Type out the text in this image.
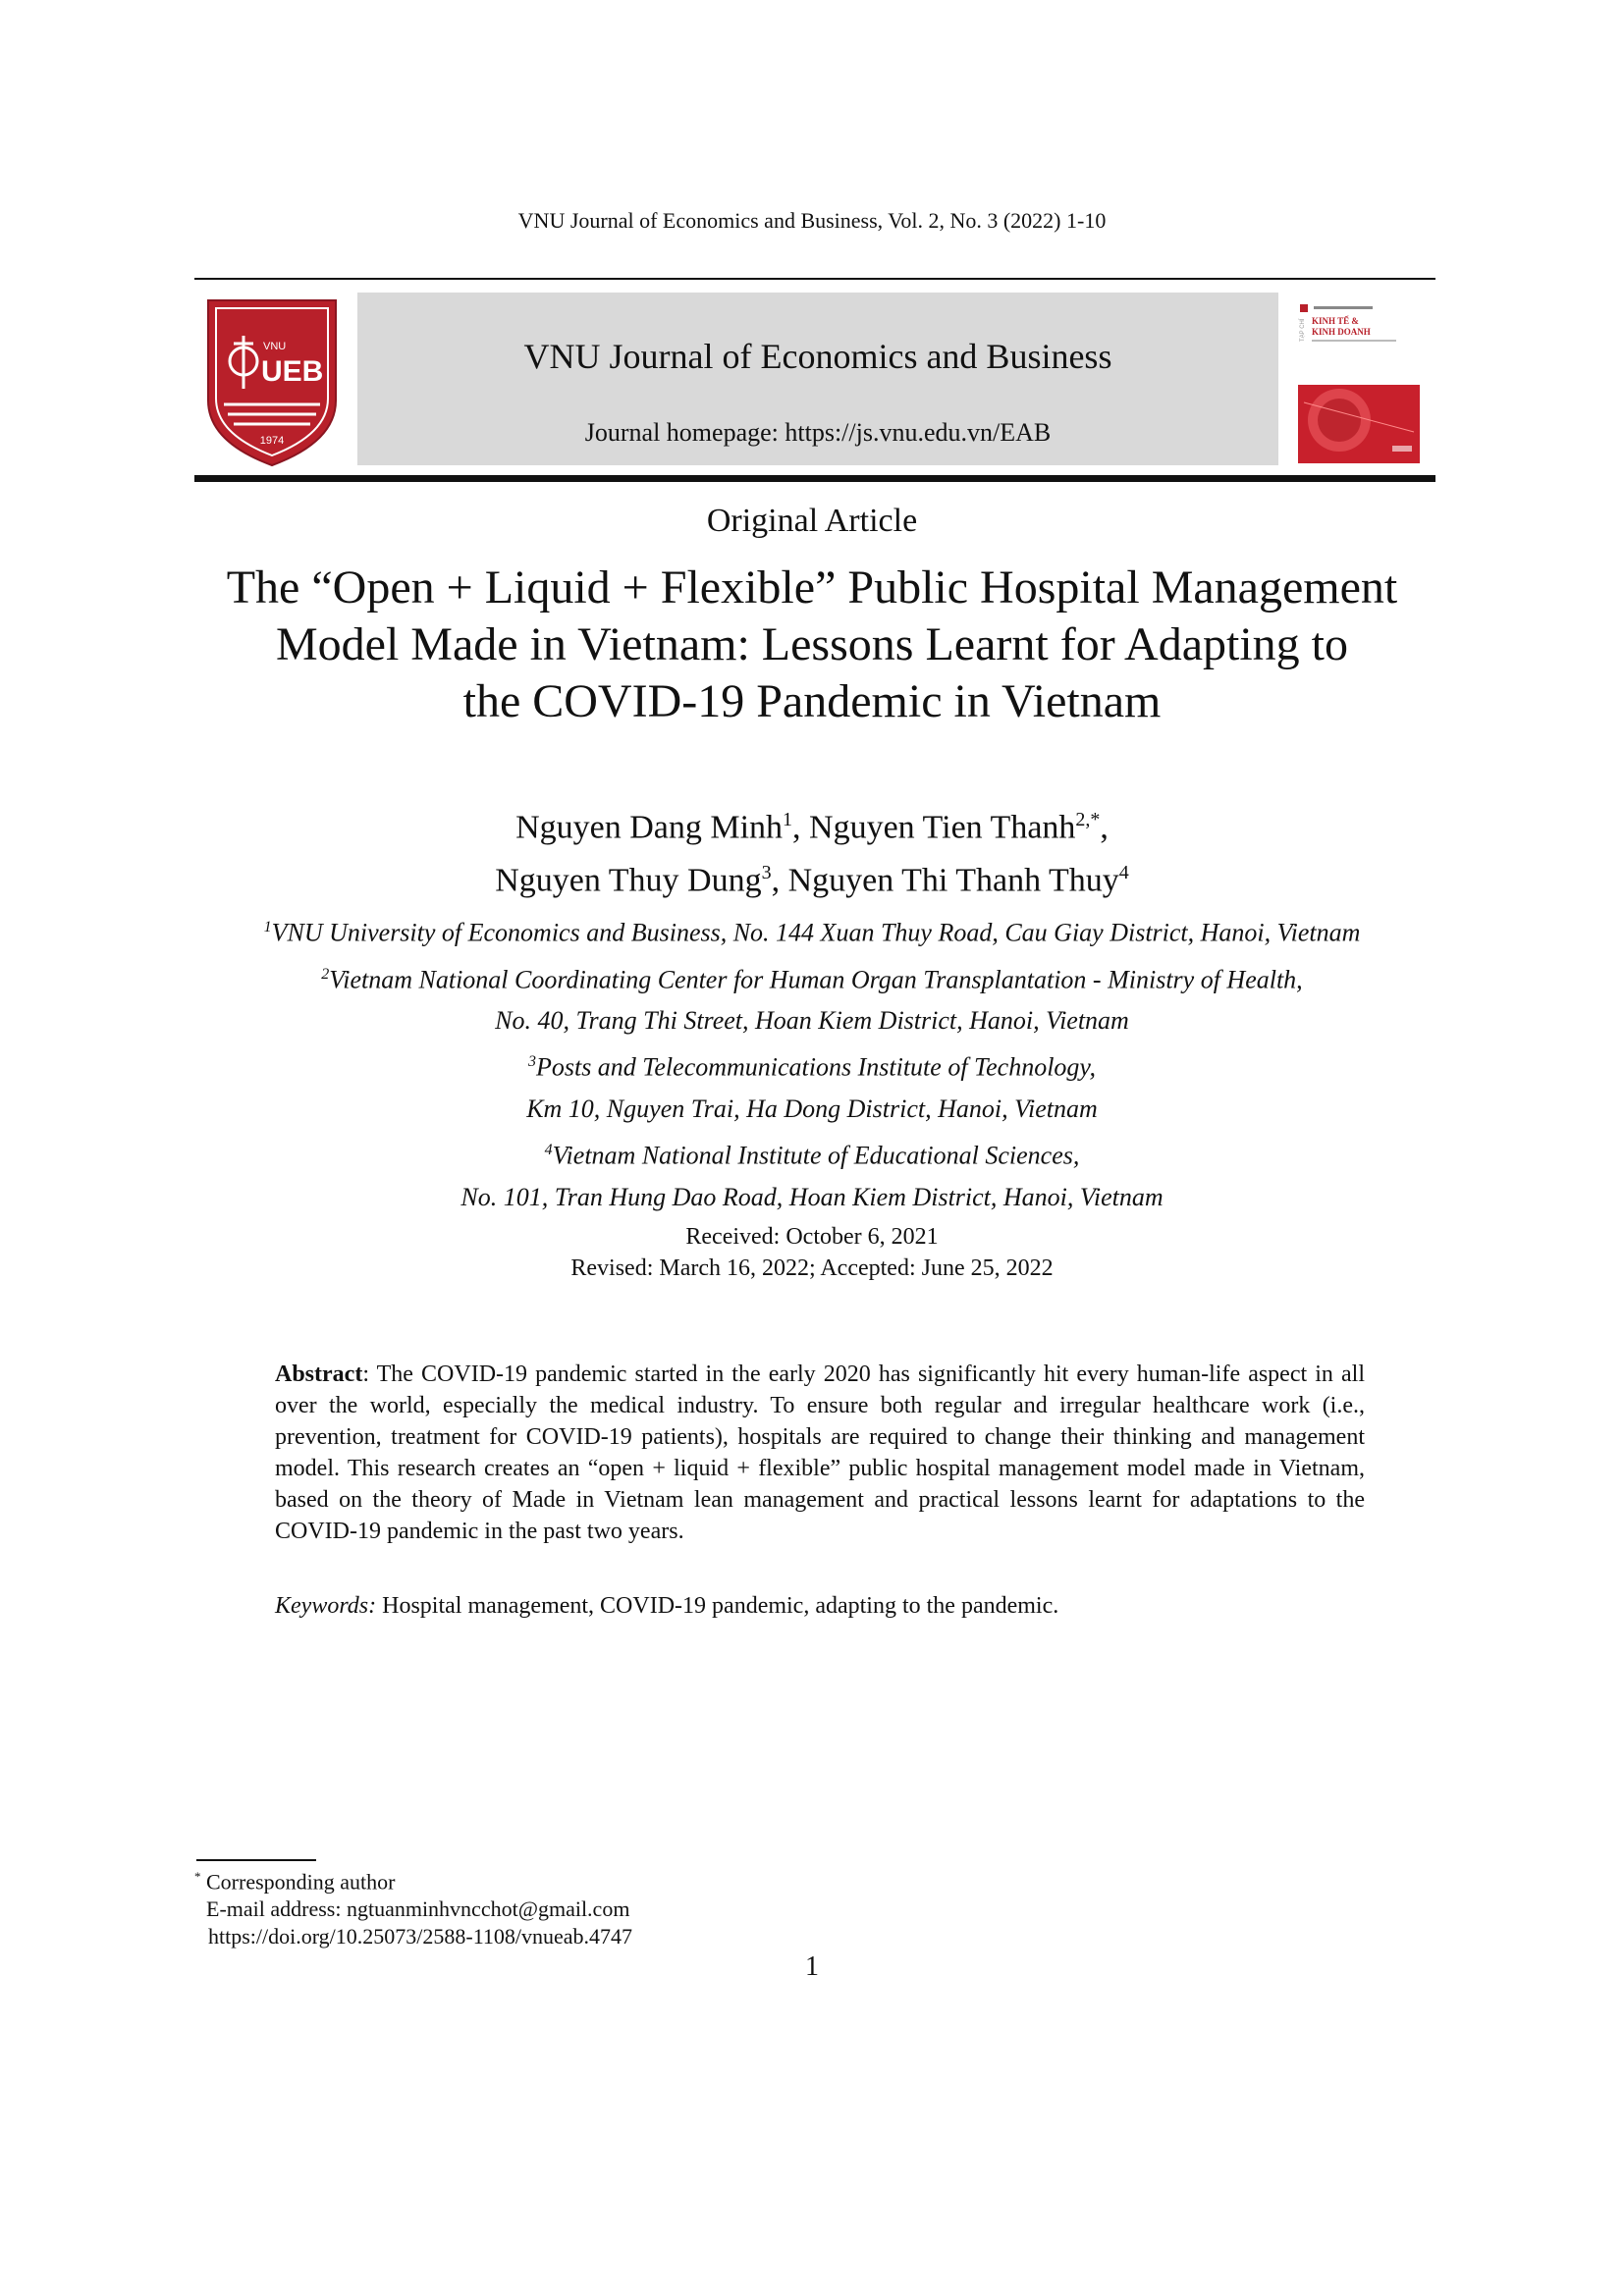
VNU Journal of Economics and Business, Vol. 2, No. 3 (2022) 1-10
VNU
UEB
1974
VNU Journal of Economics and Business
Journal homepage: https://js.vnu.edu.vn/EAB
TẠP CHÍ KINH TẾ &
KINH DOANH
Original Article
The “Open + Liquid + Flexible” Public Hospital Management
Model Made in Vietnam: Lessons Learnt for Adapting to
the COVID-19 Pandemic in Vietnam
Nguyen Dang Minh$^1$, Nguyen Tien Thanh$^{2,*}$,
Nguyen Thuy Dung$^3$, Nguyen Thi Thanh Thuy$^4$
$^1$VNU University of Economics and Business, No. 144 Xuan Thuy Road, Cau Giay District, Hanoi, Vietnam
$^2$Vietnam National Coordinating Center for Human Organ Transplantation - Ministry of Health,
No. 40, Trang Thi Street, Hoan Kiem District, Hanoi, Vietnam
$^3$Posts and Telecommunications Institute of Technology,
Km 10, Nguyen Trai, Ha Dong District, Hanoi, Vietnam
$^4$Vietnam National Institute of Educational Sciences,
No. 101, Tran Hung Dao Road, Hoan Kiem District, Hanoi, Vietnam
Received: October 6, 2021
Revised: March 16, 2022; Accepted: June 25, 2022
Abstract: The COVID-19 pandemic started in the early 2020 has significantly hit every human-life aspect in all over the world, especially the medical industry. To ensure both regular and irregular healthcare work (i.e., prevention, treatment for COVID-19 patients), hospitals are required to change their thinking and management model. This research creates an “open + liquid + flexible” public hospital management model made in Vietnam, based on the theory of Made in Vietnam lean management and practical lessons learnt for adaptations to the COVID-19 pandemic in the past two years.
Keywords: Hospital management, COVID-19 pandemic, adapting to the pandemic.
* Corresponding author
E-mail address: ngtuanminhvncchot@gmail.com
https://doi.org/10.25073/2588-1108/vnueab.4747
1
